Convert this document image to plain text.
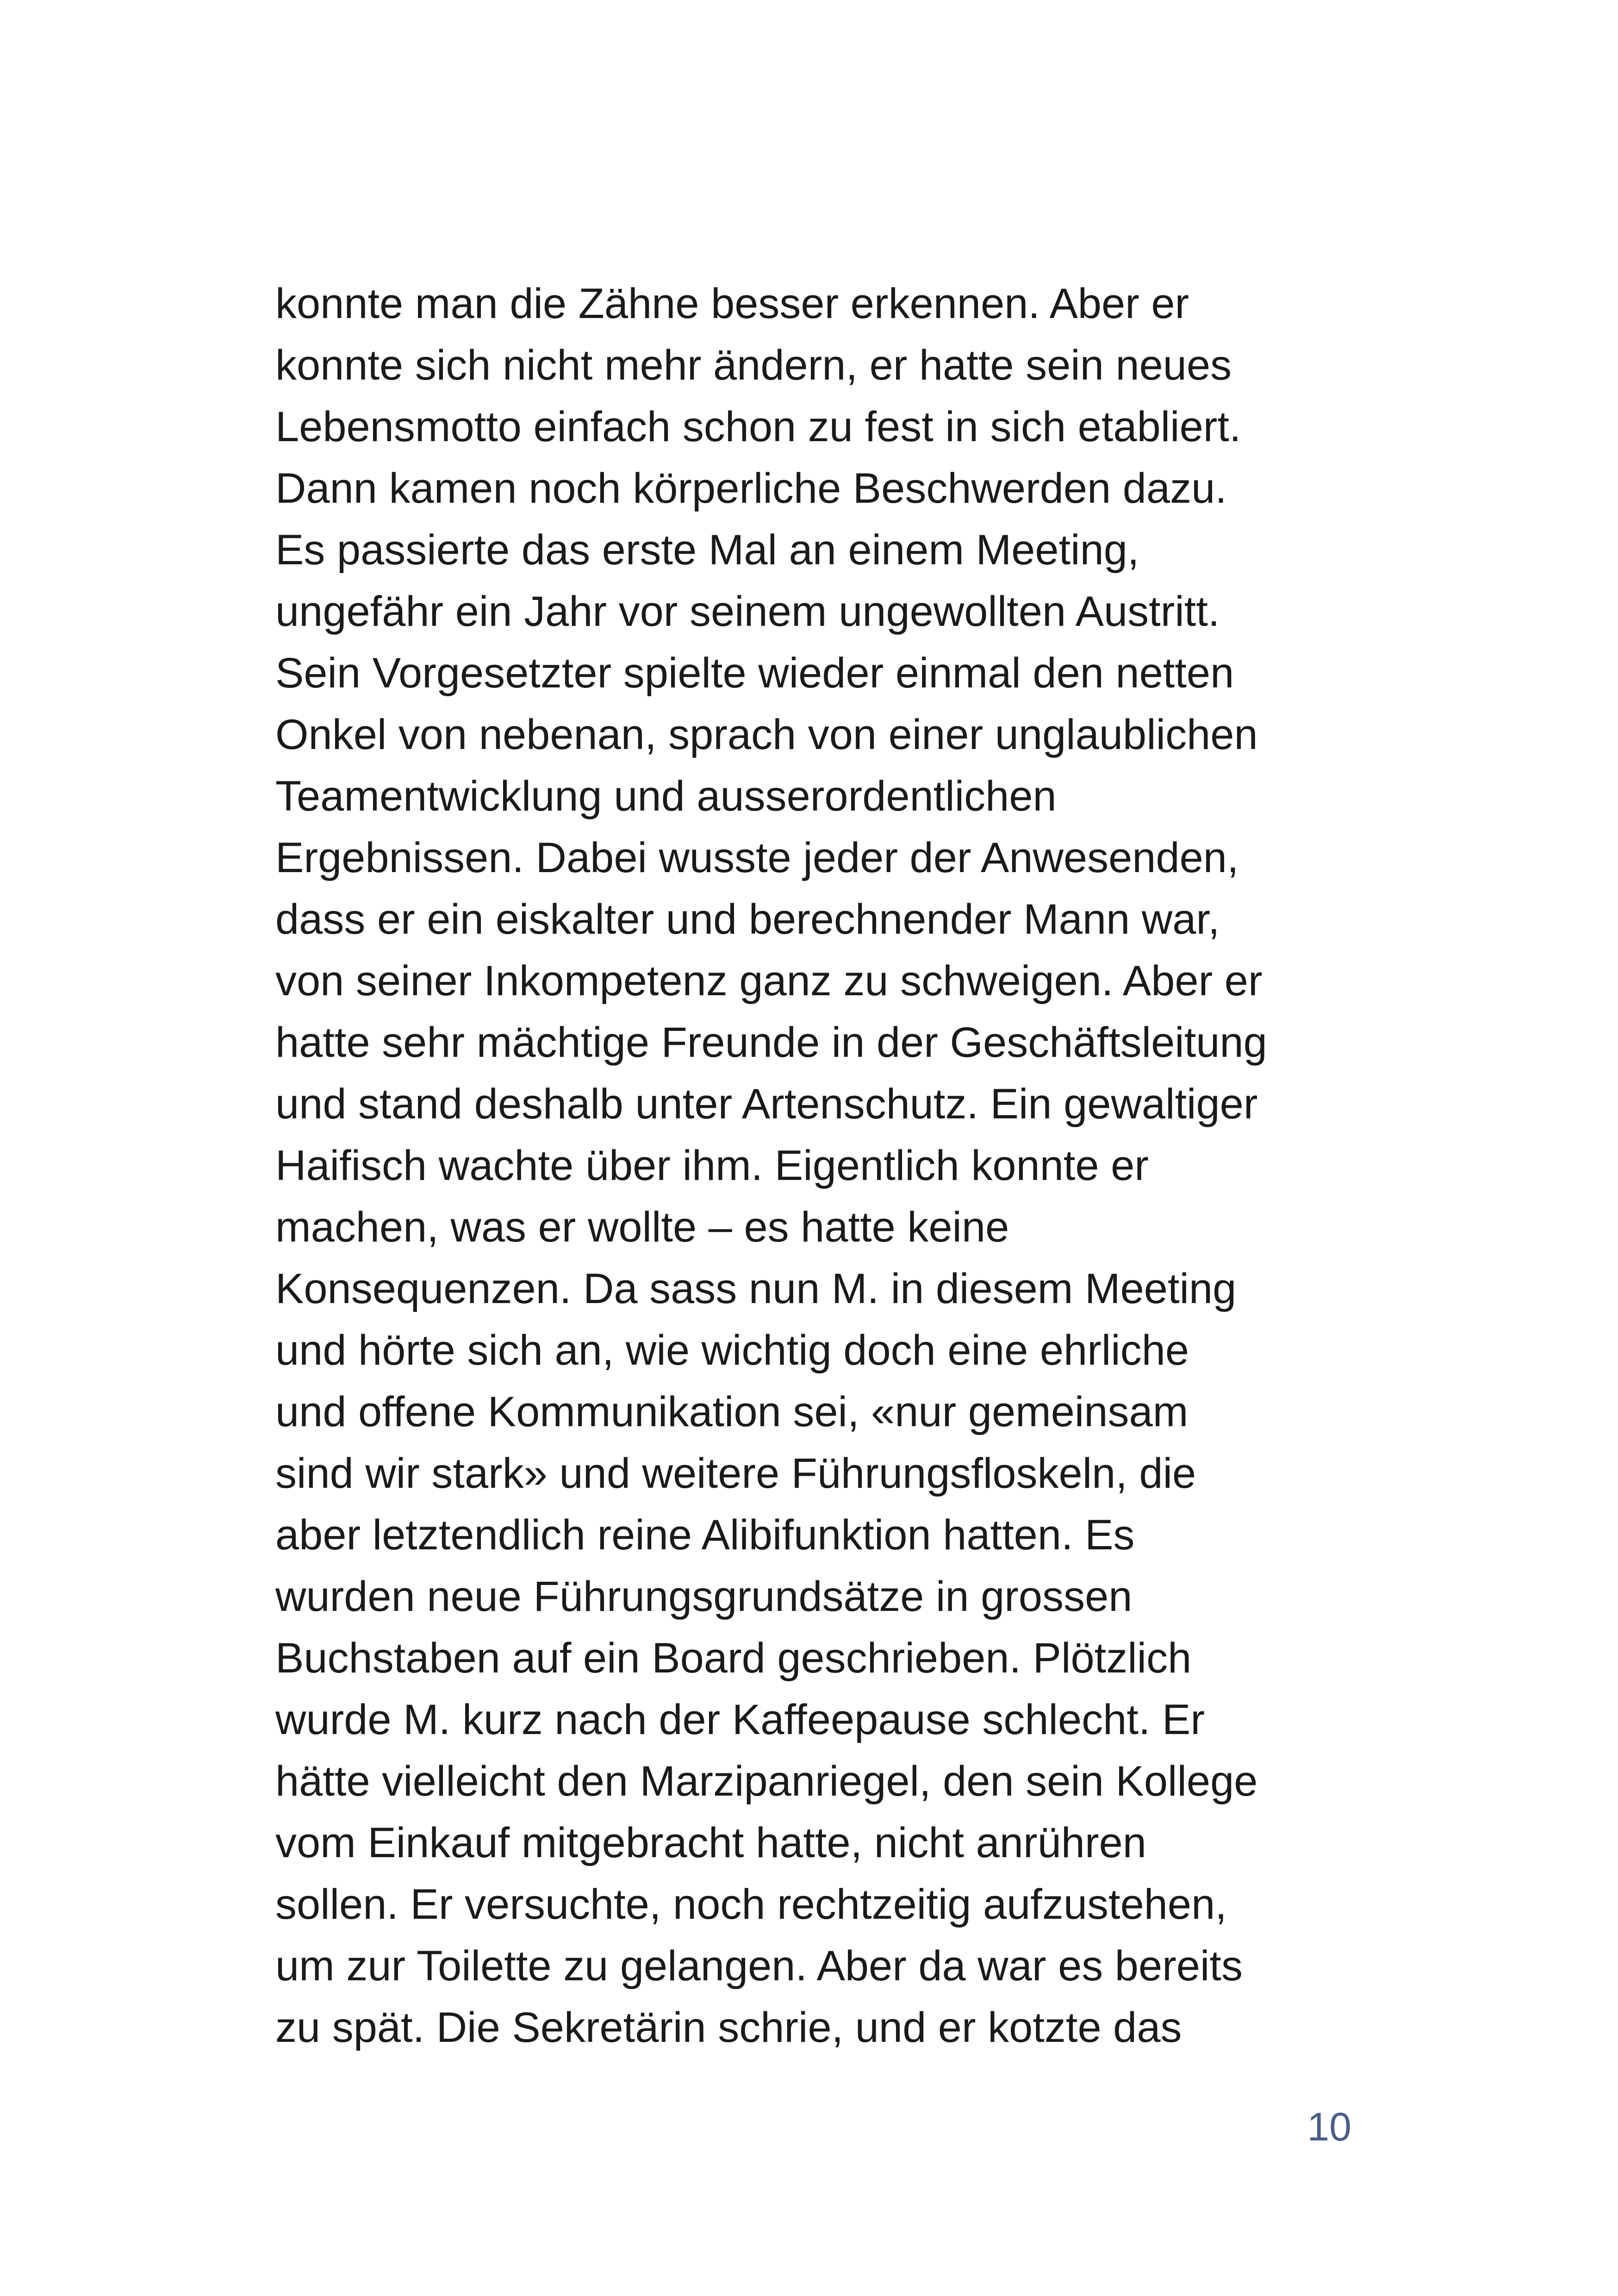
konnte man die Zähne besser erkennen. Aber er
konnte sich nicht mehr ändern, er hatte sein neues
Lebensmotto einfach schon zu fest in sich etabliert.
Dann kamen noch körperliche Beschwerden dazu.
Es passierte das erste Mal an einem Meeting,
ungefähr ein Jahr vor seinem ungewollten Austritt.
Sein Vorgesetzter spielte wieder einmal den netten
Onkel von nebenan, sprach von einer unglaublichen
Teamentwicklung und ausserordentlichen
Ergebnissen. Dabei wusste jeder der Anwesenden,
dass er ein eiskalter und berechnender Mann war,
von seiner Inkompetenz ganz zu schweigen. Aber er
hatte sehr mächtige Freunde in der Geschäftsleitung
und stand deshalb unter Artenschutz. Ein gewaltiger
Haifisch wachte über ihm. Eigentlich konnte er
machen, was er wollte – es hatte keine
Konsequenzen. Da sass nun M. in diesem Meeting
und hörte sich an, wie wichtig doch eine ehrliche
und offene Kommunikation sei, «nur gemeinsam
sind wir stark» und weitere Führungsfloskeln, die
aber letztendlich reine Alibifunktion hatten. Es
wurden neue Führungsgrundsätze in grossen
Buchstaben auf ein Board geschrieben. Plötzlich
wurde M. kurz nach der Kaffeepause schlecht. Er
hätte vielleicht den Marzipanriegel, den sein Kollege
vom Einkauf mitgebracht hatte, nicht anrühren
sollen. Er versuchte, noch rechtzeitig aufzustehen,
um zur Toilette zu gelangen. Aber da war es bereits
zu spät. Die Sekretärin schrie, und er kotzte das
10
